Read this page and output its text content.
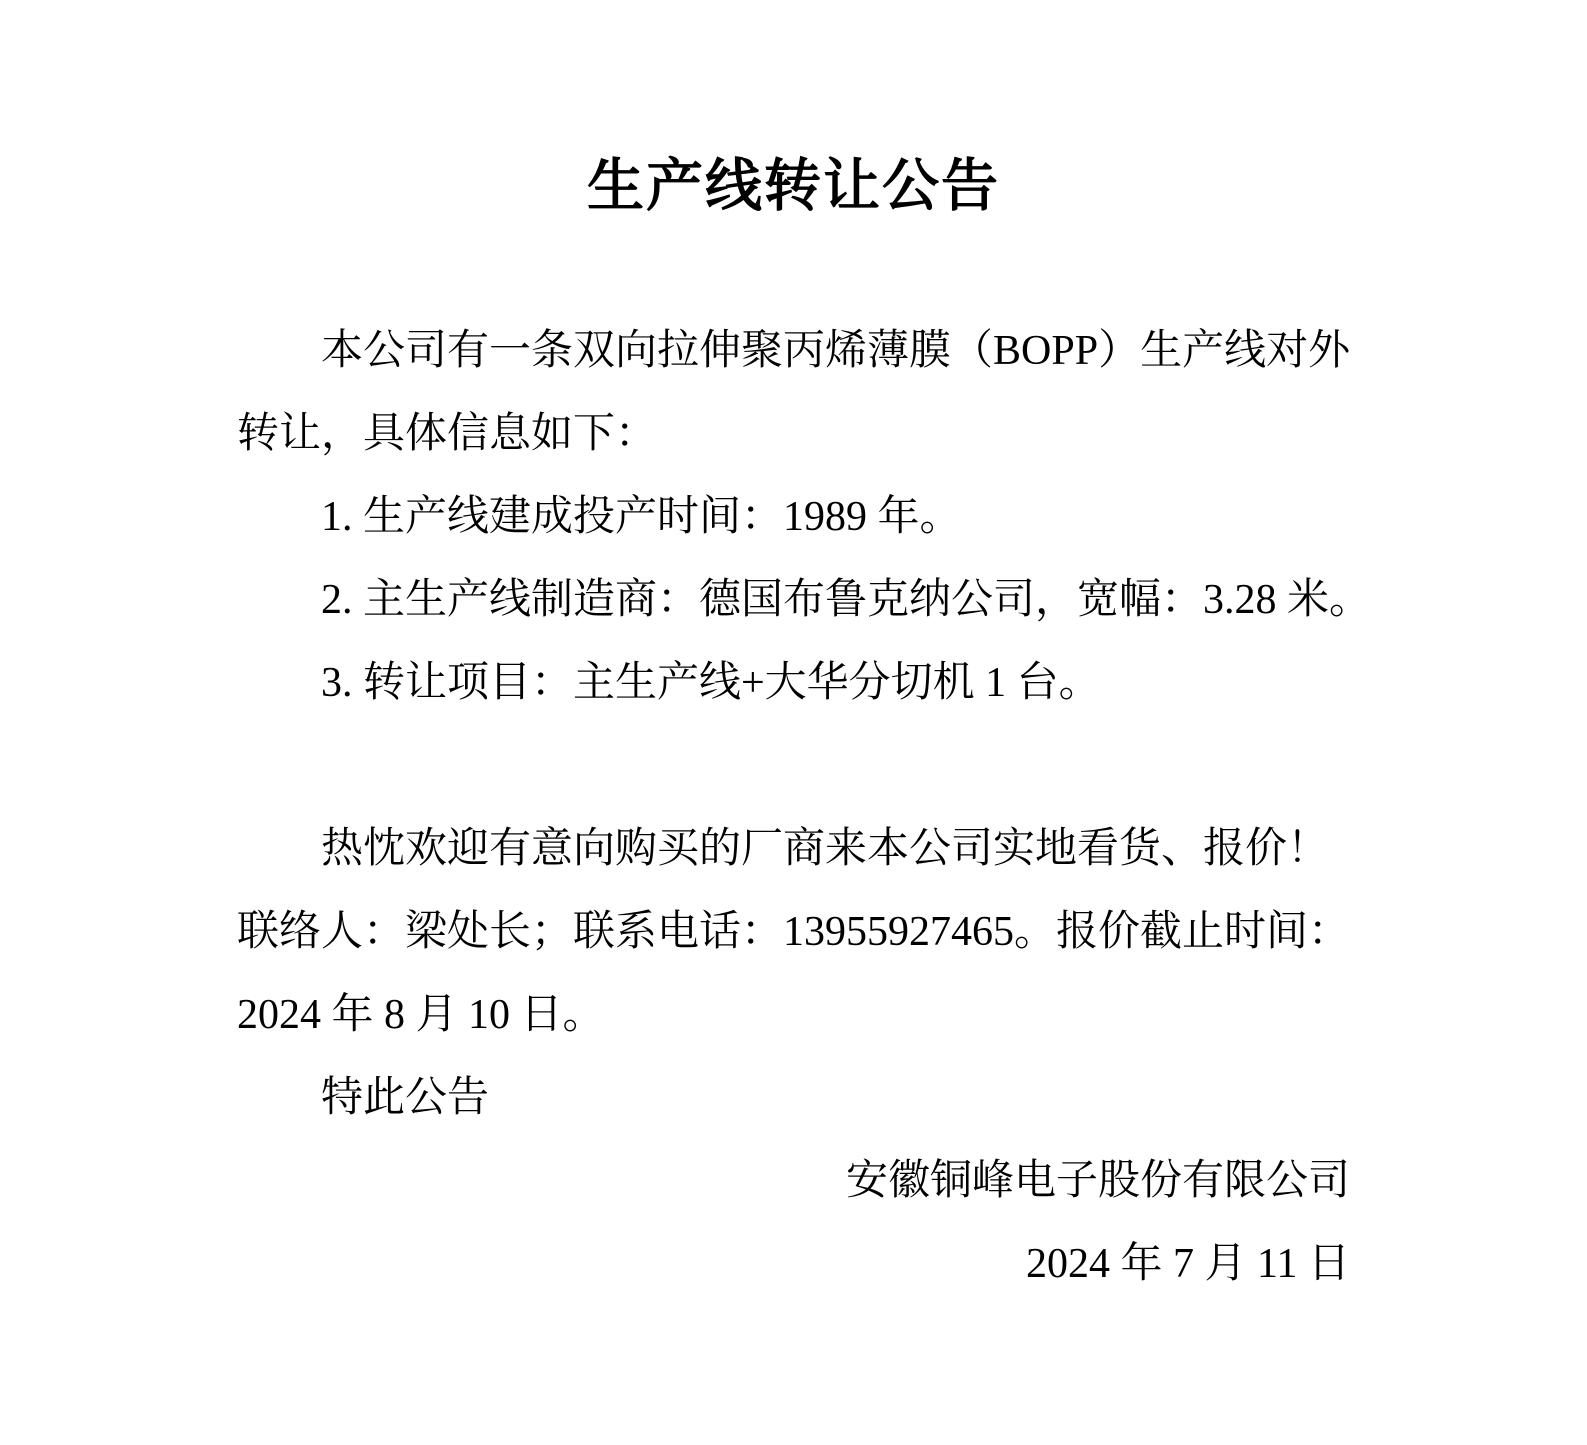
生产线转让公告
本公司有一条双向拉伸聚丙烯薄膜（BOPP）生产线对外
转让，具体信息如下：
1. 生产线建成投产时间：1989 年。
2. 主生产线制造商：德国布鲁克纳公司，宽幅：3.28 米。
3. 转让项目：主生产线+大华分切机 1 台。
热忱欢迎有意向购买的厂商来本公司实地看货、报价！
联络人：梁处长；联系电话：13955927465。报价截止时间：
2024 年 8 月 10 日。
特此公告
安徽铜峰电子股份有限公司
2024 年 7 月 11 日
